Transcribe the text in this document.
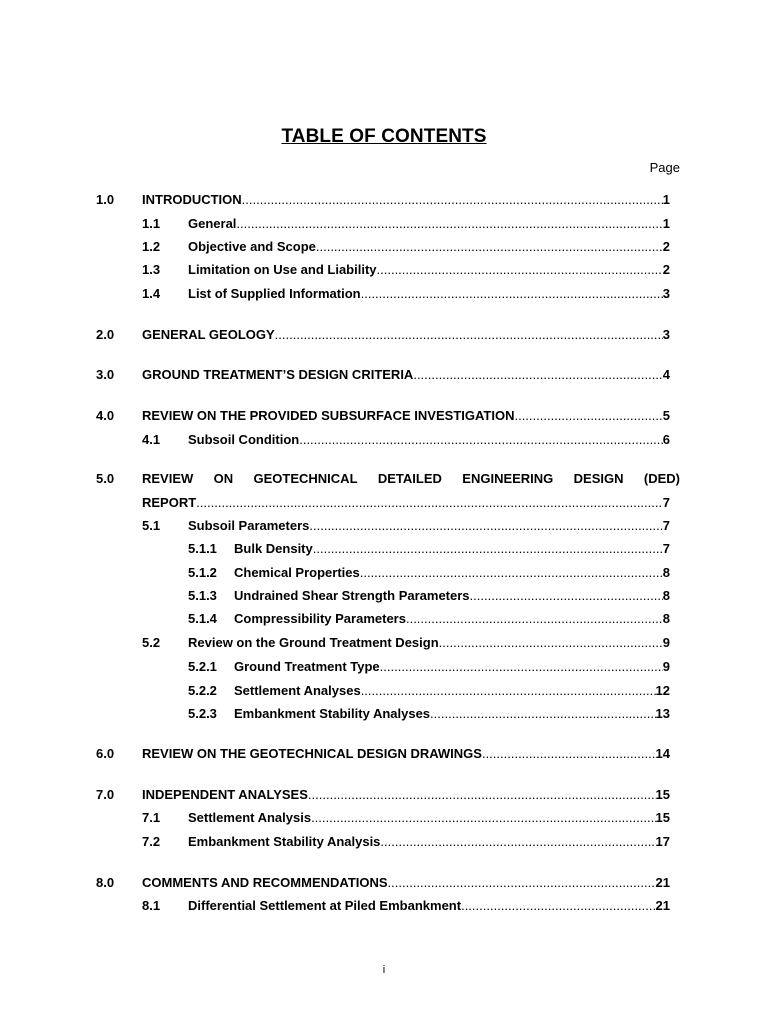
TABLE OF CONTENTS
Page
1.0 INTRODUCTION .....	1
1.1 General .....	1
1.2 Objective and Scope .....	2
1.3 Limitation on Use and Liability .....	2
1.4 List of Supplied Information .....	3
2.0 GENERAL GEOLOGY .....	3
3.0 GROUND TREATMENT’S DESIGN CRITERIA .....	4
4.0 REVIEW ON THE PROVIDED SUBSURFACE INVESTIGATION .....	5
4.1 Subsoil Condition .....	6
5.0 REVIEW ON GEOTECHNICAL DETAILED ENGINEERING DESIGN (DED)
REPORT .....	7
5.1 Subsoil Parameters .....	7
5.1.1 Bulk Density .....	7
5.1.2 Chemical Properties .....	8
5.1.3 Undrained Shear Strength Parameters .....	8
5.1.4 Compressibility Parameters .....	8
5.2 Review on the Ground Treatment Design .....	9
5.2.1 Ground Treatment Type .....	9
5.2.2 Settlement Analyses .....	12
5.2.3 Embankment Stability Analyses .....	13
6.0 REVIEW ON THE GEOTECHNICAL DESIGN DRAWINGS .....	14
7.0 INDEPENDENT ANALYSES .....	15
7.1 Settlement Analysis .....	15
7.2 Embankment Stability Analysis .....	17
8.0 COMMENTS AND RECOMMENDATIONS .....	21
8.1 Differential Settlement at Piled Embankment .....	21
i
